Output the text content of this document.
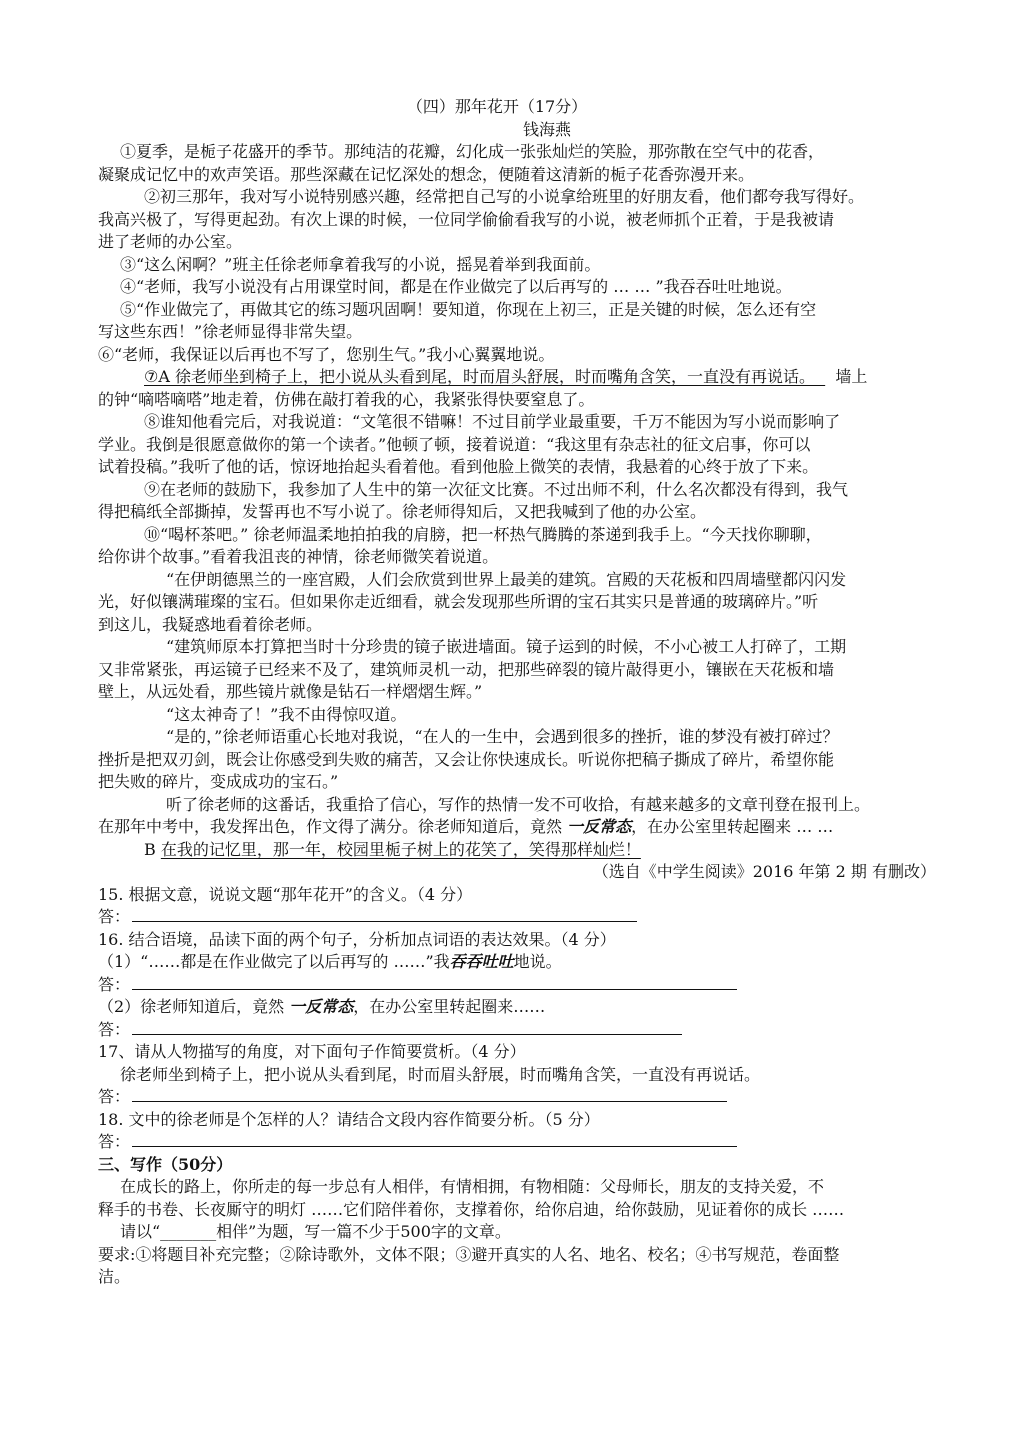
（四）那年花开（17分）
钱海燕
①夏季，是栀子花盛开的季节。那纯洁的花瓣，幻化成一张张灿烂的笑脸，那弥散在空气中的花香，
凝聚成记忆中的欢声笑语。那些深藏在记忆深处的想念，便随着这清新的栀子花香弥漫开来。
②初三那年，我对写小说特别感兴趣，经常把自己写的小说拿给班里的好朋友看，他们都夸我写得好。
我高兴极了，写得更起劲。有次上课的时候，一位同学偷偷看我写的小说，被老师抓个正着，于是我被请
进了老师的办公室。
③“这么闲啊？”班主任徐老师拿着我写的小说，摇晃着举到我面前。
④“老师，我写小说没有占用课堂时间，都是在作业做完了以后再写的 … … ”我吞吞吐吐地说。
⑤“作业做完了，再做其它的练习题巩固啊！要知道，你现在上初三，正是关键的时候，怎么还有空
写这些东西！”徐老师显得非常失望。
⑥“老师，我保证以后再也不写了，您别生气。”我小心翼翼地说。
⑦A 徐老师坐到椅子上，把小说从头看到尾，时而眉头舒展，时而嘴角含笑，一直没有再说话。 墙上
的钟“嘀嗒嘀嗒”地走着，仿佛在敲打着我的心，我紧张得快要窒息了。
⑧谁知他看完后，对我说道：“文笔很不错嘛！不过目前学业最重要，千万不能因为写小说而影响了
学业。我倒是很愿意做你的第一个读者。”他顿了顿，接着说道：“我这里有杂志社的征文启事，你可以
试着投稿。”我听了他的话，惊讶地抬起头看着他。看到他脸上微笑的表情，我悬着的心终于放了下来。
⑨在老师的鼓励下，我参加了人生中的第一次征文比赛。不过出师不利，什么名次都没有得到，我气
得把稿纸全部撕掉，发誓再也不写小说了。徐老师得知后，又把我喊到了他的办公室。
⑩“喝杯茶吧。” 徐老师温柔地拍拍我的肩膀，把一杯热气腾腾的茶递到我手上。“今天找你聊聊，
给你讲个故事。”看着我沮丧的神情，徐老师微笑着说道。
“在伊朗德黑兰的一座宫殿，人们会欣赏到世界上最美的建筑。宫殿的天花板和四周墙壁都闪闪发
光，好似镶满璀璨的宝石。但如果你走近细看，就会发现那些所谓的宝石其实只是普通的玻璃碎片。”听
到这儿，我疑惑地看着徐老师。
“建筑师原本打算把当时十分珍贵的镜子嵌进墙面。镜子运到的时候，不小心被工人打碎了，工期
又非常紧张，再运镜子已经来不及了，建筑师灵机一动，把那些碎裂的镜片敲得更小，镶嵌在天花板和墙
壁上，从远处看，那些镜片就像是钻石一样熠熠生辉。”
“这太神奇了！”我不由得惊叹道。
“是的，”徐老师语重心长地对我说，“在人的一生中，会遇到很多的挫折，谁的梦没有被打碎过？
挫折是把双刃剑，既会让你感受到失败的痛苦，又会让你快速成长。听说你把稿子撕成了碎片，希望你能
把失败的碎片，变成成功的宝石。”
听了徐老师的这番话，我重拾了信心，写作的热情一发不可收拾，有越来越多的文章刊登在报刊上。
在那年中考中，我发挥出色，作文得了满分。徐老师知道后，竟然 一反常态，在办公室里转起圈来 … …
B 在我的记忆里，那一年，校园里栀子树上的花笑了，笑得那样灿烂！
（选自《中学生阅读》2016 年第 2 期 有删改）
15. 根据文意，说说文题“那年花开”的含义。（4 分）
答：
16. 结合语境，品读下面的两个句子，分析加点词语的表达效果。（4 分）
（1）“……都是在作业做完了以后再写的 ……”我吞吞吐吐地说。
答：
（2）徐老师知道后，竟然 一反常态，在办公室里转起圈来……
答：
17、请从人物描写的角度，对下面句子作简要赏析。（4 分）
徐老师坐到椅子上，把小说从头看到尾，时而眉头舒展，时而嘴角含笑，一直没有再说话。
答：
18. 文中的徐老师是个怎样的人？请结合文段内容作简要分析。（5 分）
答：
三、写作（50分）
在成长的路上，你所走的每一步总有人相伴，有情相拥，有物相随：父母师长，朋友的支持关爱，不
释手的书卷、长夜厮守的明灯 ……它们陪伴着你，支撑着你，给你启迪，给你鼓励，见证着你的成长 ……
请以“_______相伴”为题，写一篇不少于500字的文章。
要求:①将题目补充完整；②除诗歌外，文体不限；③避开真实的人名、地名、校名；④书写规范，卷面整
洁。
